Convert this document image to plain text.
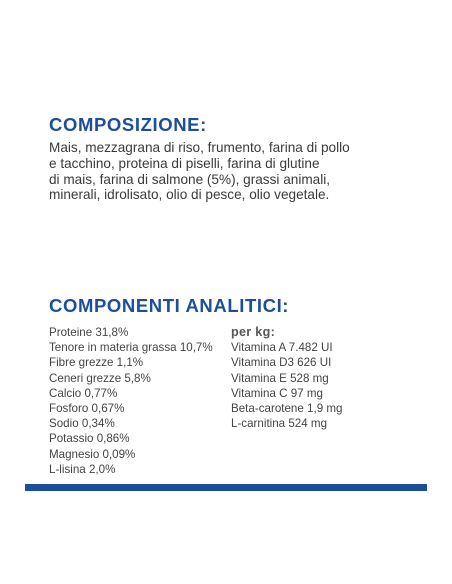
COMPOSIZIONE:

Mais, mezzagrana di riso, frumento, farina di pollo
e tacchino, proteina di piselli, farina di glutine
di mais, farina di salmone (5%), grassi animali,
minerali, idrolisato, olio di pesce, olio vegetale.

COMPONENTI ANALITICI:
Proteine 31,8%
Tenore in materia grassa 10,7%
Fibre grezze 1,1%
Ceneri grezze 5,8%
Calcio 0,77%
Fosforo 0,67%
Sodio 0,34%
Potassio 0,86%
Magnesio 0,09%
L-lisina 2,0%
per kg:
Vitamina A 7.482 UI
Vitamina D3 626 UI
Vitamina E 528 mg
Vitamina C 97 mg
Beta-carotene 1,9 mg
L-carnitina 524 mg
